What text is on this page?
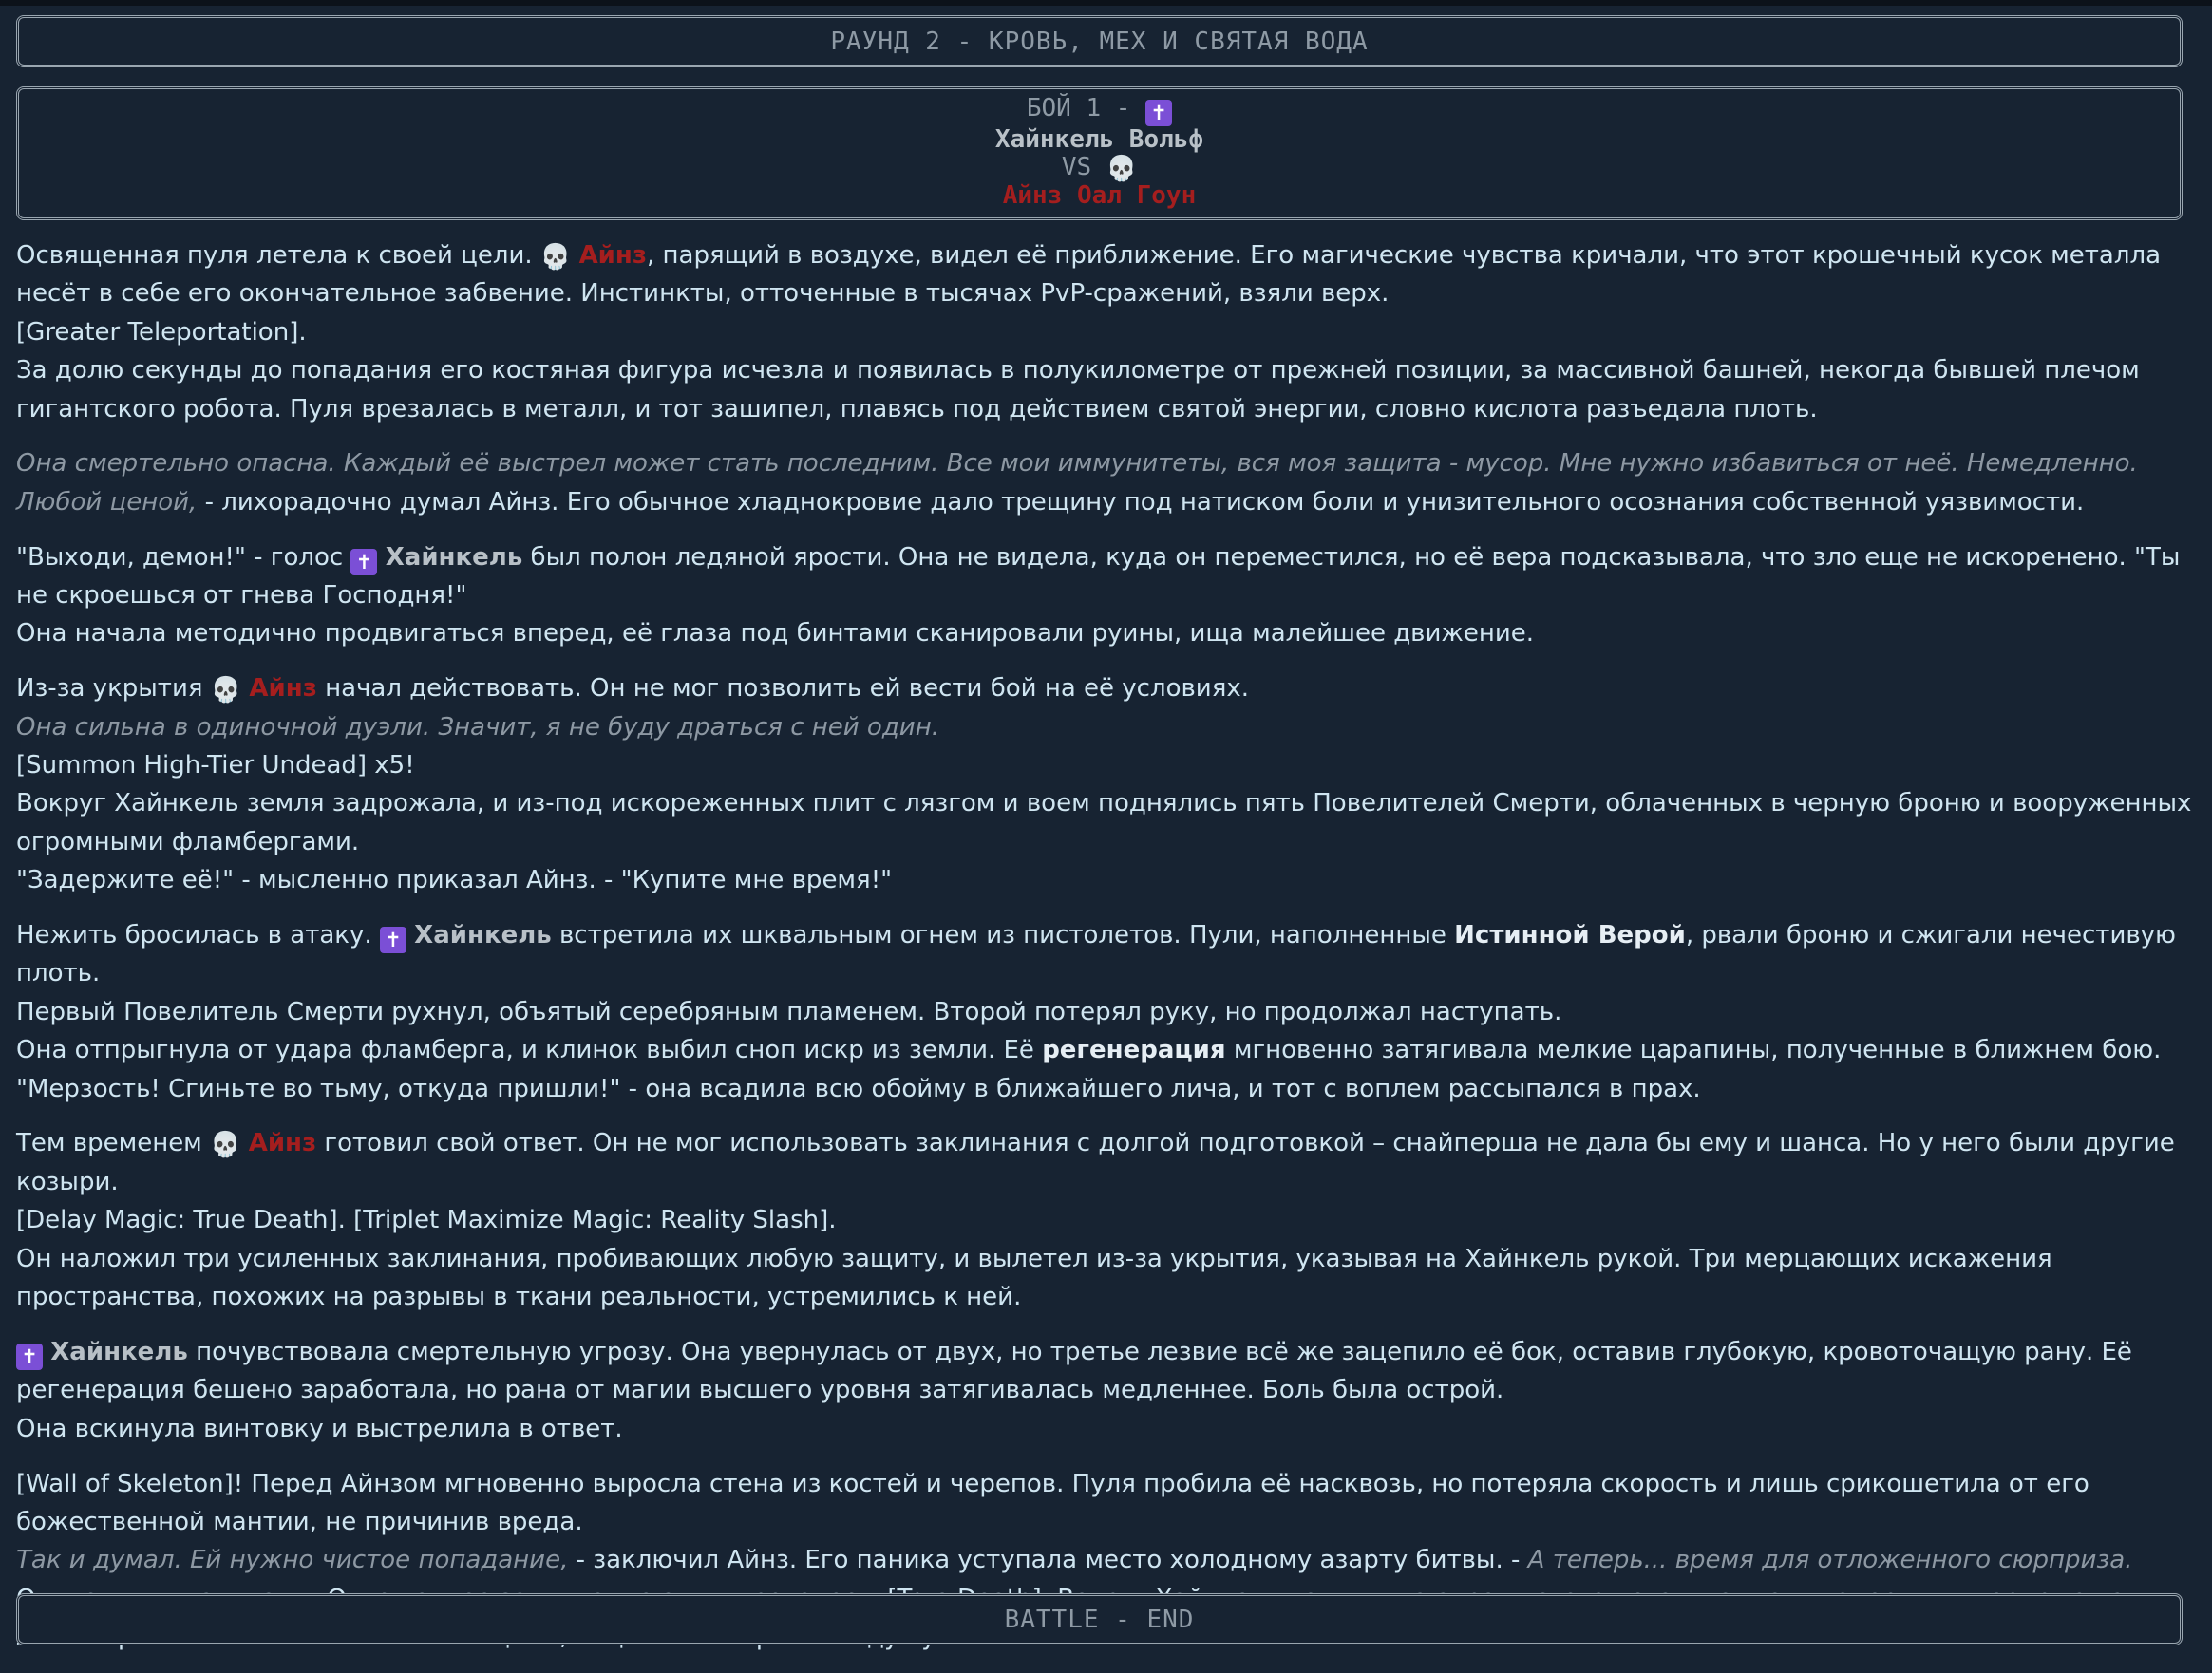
РАУНД 2 - КРОВЬ, МЕХ И СВЯТАЯ ВОДА
БОЙ 1 - ✝
Хайнкель Вольф
VS 💀
Айнз Оал Гоун

Освященная пуля летела к своей цели. 💀 Айнз, парящий в воздухе, видел её приближение. Его магические чувства кричали, что этот крошечный кусок металла несёт в себе его окончательное забвение. Инстинкты, отточенные в тысячах PvP-сражений, взяли верх.
[Greater Teleportation].
За долю секунды до попадания его костяная фигура исчезла и появилась в полукилометре от прежней позиции, за массивной башней, некогда бывшей плечом гигантского робота. Пуля врезалась в металл, и тот зашипел, плавясь под действием святой энергии, словно кислота разъедала плоть.

Она смертельно опасна. Каждый её выстрел может стать последним. Все мои иммунитеты, вся моя защита - мусор. Мне нужно избавиться от неё. Немедленно. Любой ценой, - лихорадочно думал Айнз. Его обычное хладнокровие дало трещину под натиском боли и унизительного осознания собственной уязвимости.

"Выходи, демон!" - голос ✝ Хайнкель был полон ледяной ярости. Она не видела, куда он переместился, но её вера подсказывала, что зло еще не искоренено. "Ты не скроешься от гнева Господня!"
Она начала методично продвигаться вперед, её глаза под бинтами сканировали руины, ища малейшее движение.

Из-за укрытия 💀 Айнз начал действовать. Он не мог позволить ей вести бой на её условиях.
Она сильна в одиночной дуэли. Значит, я не буду драться с ней один.
[Summon High-Tier Undead] x5!
Вокруг Хайнкель земля задрожала, и из-под искореженных плит с лязгом и воем поднялись пять Повелителей Смерти, облаченных в черную броню и вооруженных огромными фламбергами.
"Задержите её!" - мысленно приказал Айнз. - "Купите мне время!"

Нежить бросилась в атаку. ✝ Хайнкель встретила их шквальным огнем из пистолетов. Пули, наполненные Истинной Верой, рвали броню и сжигали нечестивую плоть.
Первый Повелитель Смерти рухнул, объятый серебряным пламенем. Второй потерял руку, но продолжал наступать.
Она отпрыгнула от удара фламберга, и клинок выбил сноп искр из земли. Её регенерация мгновенно затягивала мелкие царапины, полученные в ближнем бою.
"Мерзость! Сгиньте во тьму, откуда пришли!" - она всадила всю обойму в ближайшего лича, и тот с воплем рассыпался в прах.

Тем временем 💀 Айнз готовил свой ответ. Он не мог использовать заклинания с долгой подготовкой – снайперша не дала бы ему и шанса. Но у него были другие козыри.
[Delay Magic: True Death]. [Triplet Maximize Magic: Reality Slash].
Он наложил три усиленных заклинания, пробивающих любую защиту, и вылетел из-за укрытия, указывая на Хайнкель рукой. Три мерцающих искажения пространства, похожих на разрывы в ткани реальности, устремились к ней.

✝ Хайнкель почувствовала смертельную угрозу. Она увернулась от двух, но третье лезвие всё же зацепило её бок, оставив глубокую, кровоточащую рану. Её регенерация бешено заработала, но рана от магии высшего уровня затягивалась медленнее. Боль была острой.
Она вскинула винтовку и выстрелила в ответ.

[Wall of Skeleton]! Перед Айнзом мгновенно выросла стена из костей и черепов. Пуля пробила её насквозь, но потеряла скорость и лишь срикошетила от его божественной мантии, не причинив вреда.
Так и думал. Ей нужно чистое попадание, - заключил Айнз. Его паника уступала место холодному азарту битвы. - А теперь... время для отложенного сюрприза.

BATTLE - END
